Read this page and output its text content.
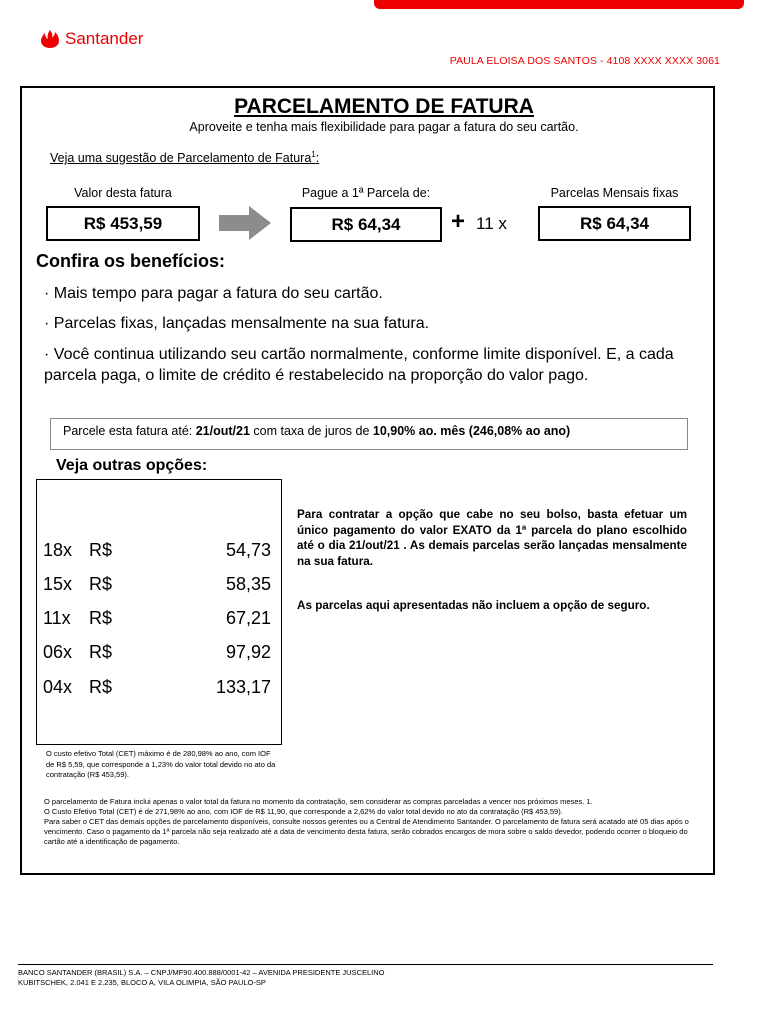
Santander
PAULA ELOISA DOS SANTOS - 4108 XXXX XXXX 3061
PARCELAMENTO DE FATURA
Aproveite e tenha mais flexibilidade para pagar a fatura do seu cartão.
Veja uma sugestão de Parcelamento de Fatura$^1$:
Valor desta fatura
R$ 453,59
Pague a 1ª Parcela de:
R$ 64,34	+ 11 x
Parcelas Mensais fixas
R$ 64,34
Confira os benefícios:
· Mais tempo para pagar a fatura do seu cartão.
· Parcelas fixas, lançadas mensalmente na sua fatura.
· Você continua utilizando seu cartão normalmente, conforme limite disponível. E, a cada parcela paga, o limite de crédito é restabelecido na proporção do valor pago.
Parcele esta fatura até: 21/out/21 com taxa de juros de 10,90% ao. mês (246,08% ao ano)
Veja outras opções:
18x R$	54,73
15x R$	58,35
11x	R$	67,21
06x R$	97,92
04x R$	133,17
O custo efetivo Total (CET) máximo é de 280,98% ao ano, com IOF de R$ 5,59, que corresponde a 1,23% do valor total devido no ato da contratação (R$ 453,59).
Para contratar a opção que cabe no seu bolso, basta efetuar um único pagamento do valor EXATO da 1ª parcela do plano escolhido até o dia 21/out/21 . As demais parcelas serão lançadas mensalmente na sua fatura.
As parcelas aqui apresentadas não incluem a opção de seguro.
O parcelamento de Fatura inclui apenas o valor total da fatura no momento da contratação, sem considerar as compras parceladas a vencer nos próximos meses. 1.
O Custo Efetivo Total (CET) é de 271,98% ao ano, com IOF de R$ 11,90, que corresponde a 2,62% do valor total devido no ato da contratação (R$ 453,59).
Para saber o CET das demais opções de parcelamento disponíveis, consulte nossos gerentes ou a Central de Atendimento Santander. O parcelamento de fatura será acatado até 05 dias após o vencimento. Caso o pagamento da 1ª parcela não seja realizado até a data de vencimento desta fatura, serão cobrados encargos de mora sobre o saldo devedor, podendo ocorrer o bloqueio do cartão até a identificação de pagamento.
BANCO SANTANDER (BRASIL) S.A. – CNPJ/MF90.400.888/0001-42 – AVENIDA PRESIDENTE JUSCELINO
KUBITSCHEK, 2.041 E 2.235, BLOCO A, VILA OLIMPIA, SÃO PAULO-SP
